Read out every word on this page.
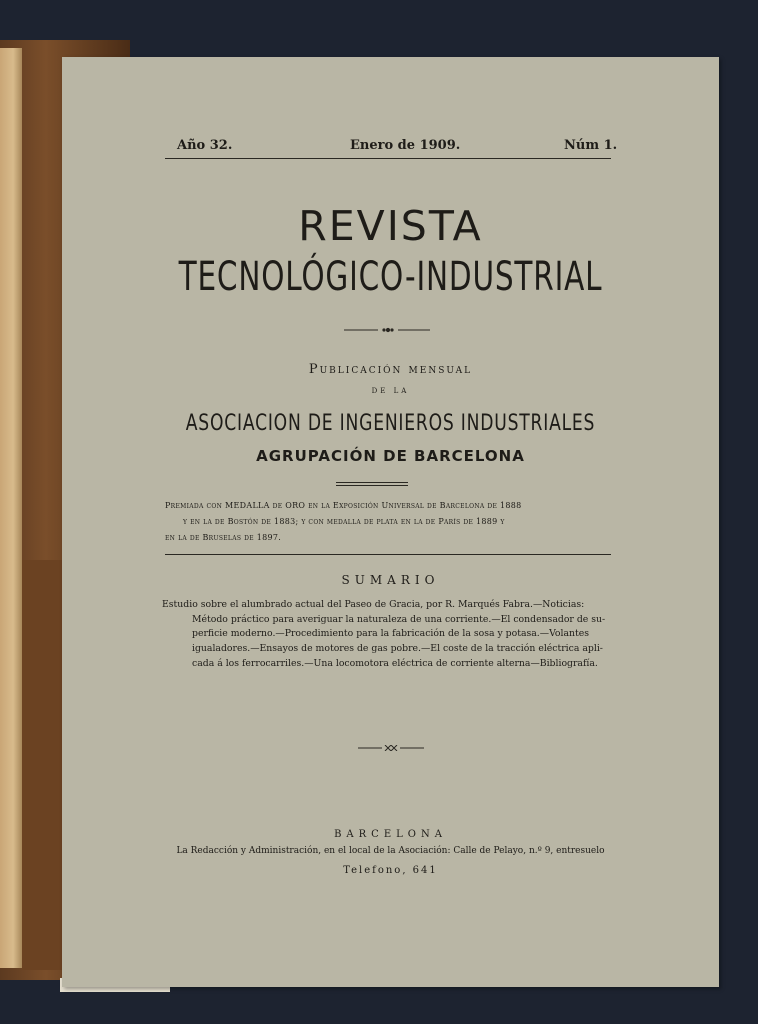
Año 32.	Enero de 1909.	Núm 1.
REVISTA
TECNOLÓGICO-INDUSTRIAL
Publicación mensual
DE LA
ASOCIACION DE INGENIEROS INDUSTRIALES
AGRUPACIÓN DE BARCELONA
Premiada con MEDALLA de ORO en la Exposición Universal de Barcelona de 1888
y en la de Bostón de 1883; y con medalla de plata en la de París de 1889 y
en la de Bruselas de 1897.
SUMARIO
Estudio sobre el alumbrado actual del Paseo de Gracia, por R. Marqués Fabra.—Noticias:
Método práctico para averiguar la naturaleza de una corriente.—El condensador de su-
perficie moderno.—Procedimiento para la fabricación de la sosa y potasa.—Volantes
igualadores.—Ensayos de motores de gas pobre.—El coste de la tracción eléctrica apli-
cada á los ferrocarriles.—Una locomotora eléctrica de corriente alterna—Bibliografía.
BARCELONA
La Redacción y Administración, en el local de la Asociación: Calle de Pelayo, n.º 9, entresuelo
Telefono, 641
